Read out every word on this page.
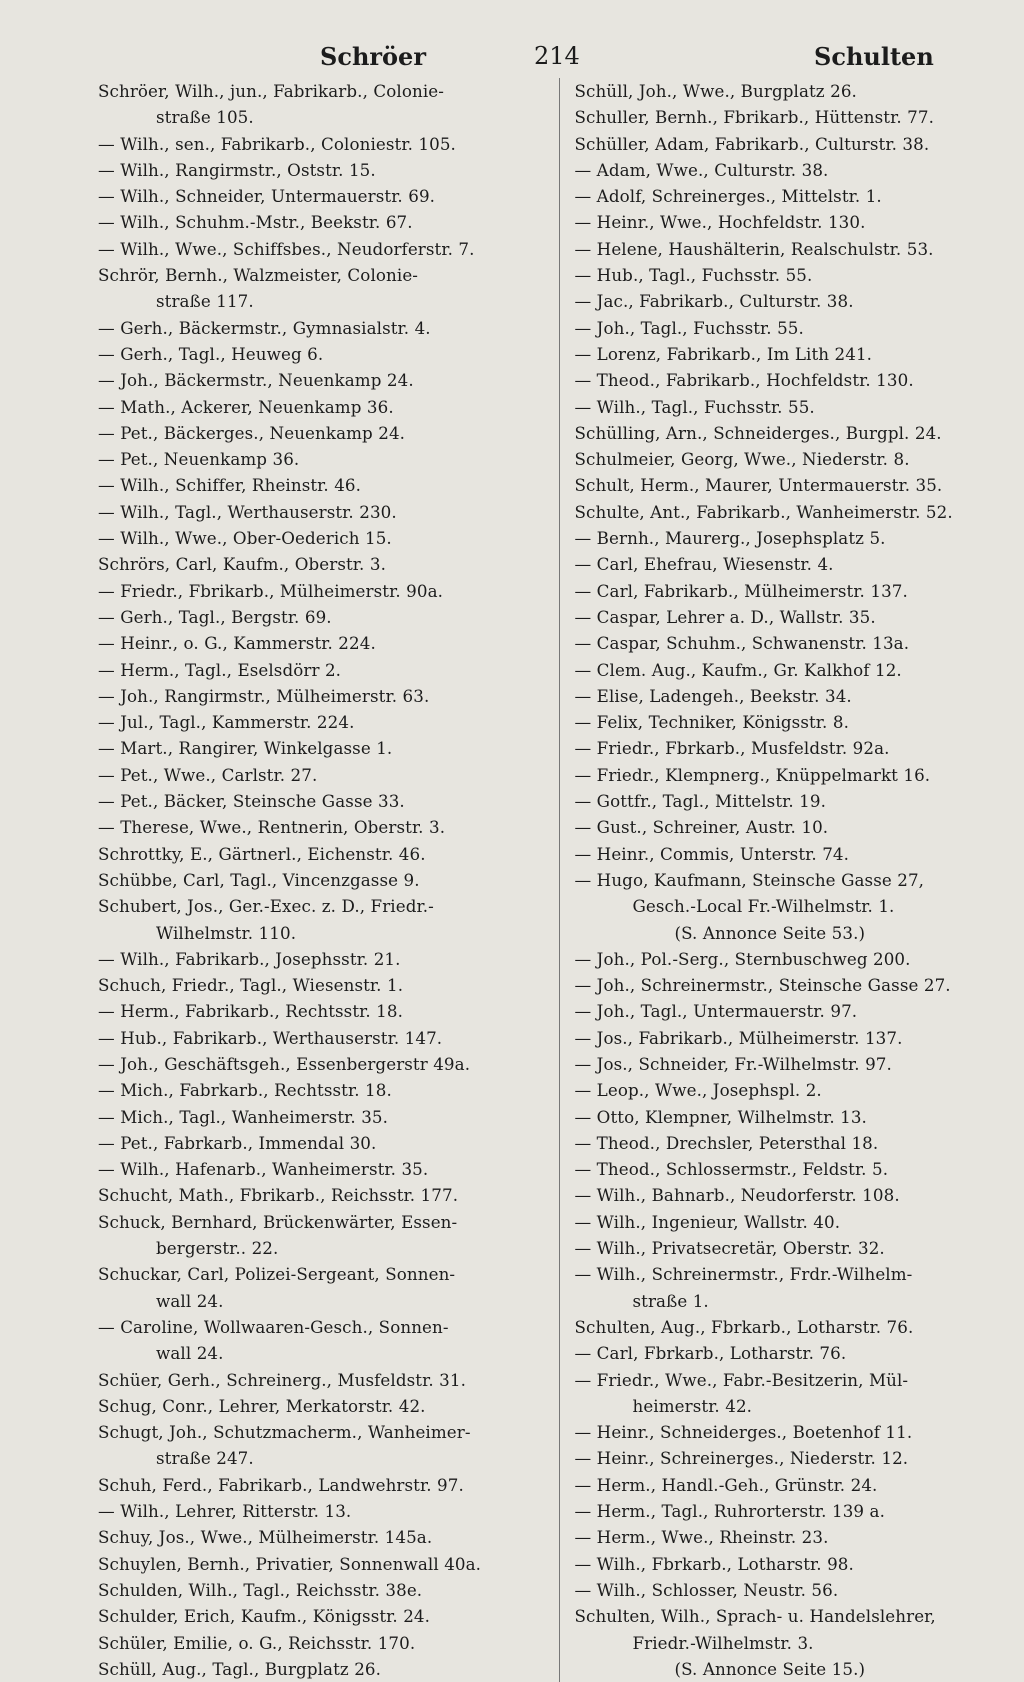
Schröer	214	Schulten
Schröer, Wilh., jun., Fabrikarb., Colonie-
straße 105.
— Wilh., sen., Fabrikarb., Coloniestr. 105.
— Wilh., Rangirmstr., Oststr. 15.
— Wilh., Schneider, Untermauerstr. 69.
— Wilh., Schuhm.-Mstr., Beekstr. 67.
— Wilh., Wwe., Schiffsbes., Neudorferstr. 7.
Schrör, Bernh., Walzmeister, Colonie-
straße 117.
— Gerh., Bäckermstr., Gymnasialstr. 4.
— Gerh., Tagl., Heuweg 6.
— Joh., Bäckermstr., Neuenkamp 24.
— Math., Ackerer, Neuenkamp 36.
— Pet., Bäckerges., Neuenkamp 24.
— Pet., Neuenkamp 36.
— Wilh., Schiffer, Rheinstr. 46.
— Wilh., Tagl., Werthauserstr. 230.
— Wilh., Wwe., Ober-Oederich 15.
Schrörs, Carl, Kaufm., Oberstr. 3.
— Friedr., Fbrikarb., Mülheimerstr. 90a.
— Gerh., Tagl., Bergstr. 69.
— Heinr., o. G., Kammerstr. 224.
— Herm., Tagl., Eselsdörr 2.
— Joh., Rangirmstr., Mülheimerstr. 63.
— Jul., Tagl., Kammerstr. 224.
— Mart., Rangirer, Winkelgasse 1.
— Pet., Wwe., Carlstr. 27.
— Pet., Bäcker, Steinsche Gasse 33.
— Therese, Wwe., Rentnerin, Oberstr. 3.
Schrottky, E., Gärtnerl., Eichenstr. 46.
Schübbe, Carl, Tagl., Vincenzgasse 9.
Schubert, Jos., Ger.-Exec. z. D., Friedr.-
Wilhelmstr. 110.
— Wilh., Fabrikarb., Josephsstr. 21.
Schuch, Friedr., Tagl., Wiesenstr. 1.
— Herm., Fabrikarb., Rechtsstr. 18.
— Hub., Fabrikarb., Werthauserstr. 147.
— Joh., Geschäftsgeh., Essenbergerstr 49a.
— Mich., Fabrkarb., Rechtsstr. 18.
— Mich., Tagl., Wanheimerstr. 35.
— Pet., Fabrkarb., Immendal 30.
— Wilh., Hafenarb., Wanheimerstr. 35.
Schucht, Math., Fbrikarb., Reichsstr. 177.
Schuck, Bernhard, Brückenwärter, Essen-
bergerstr.. 22.
Schuckar, Carl, Polizei-Sergeant, Sonnen-
wall 24.
— Caroline, Wollwaaren-Gesch., Sonnen-
wall 24.
Schüer, Gerh., Schreinerg., Musfeldstr. 31.
Schug, Conr., Lehrer, Merkatorstr. 42.
Schugt, Joh., Schutzmacherm., Wanheimer-
straße 247.
Schuh, Ferd., Fabrikarb., Landwehrstr. 97.
— Wilh., Lehrer, Ritterstr. 13.
Schuy, Jos., Wwe., Mülheimerstr. 145a.
Schuylen, Bernh., Privatier, Sonnenwall 40a.
Schulden, Wilh., Tagl., Reichsstr. 38e.
Schulder, Erich, Kaufm., Königsstr. 24.
Schüler, Emilie, o. G., Reichsstr. 170.
Schüll, Aug., Tagl., Burgplatz 26.
Schüll, Joh., Wwe., Burgplatz 26.
Schuller, Bernh., Fbrikarb., Hüttenstr. 77.
Schüller, Adam, Fabrikarb., Culturstr. 38.
— Adam, Wwe., Culturstr. 38.
— Adolf, Schreinerges., Mittelstr. 1.
— Heinr., Wwe., Hochfeldstr. 130.
— Helene, Haushälterin, Realschulstr. 53.
— Hub., Tagl., Fuchsstr. 55.
— Jac., Fabrikarb., Culturstr. 38.
— Joh., Tagl., Fuchsstr. 55.
— Lorenz, Fabrikarb., Im Lith 241.
— Theod., Fabrikarb., Hochfeldstr. 130.
— Wilh., Tagl., Fuchsstr. 55.
Schülling, Arn., Schneiderges., Burgpl. 24.
Schulmeier, Georg, Wwe., Niederstr. 8.
Schult, Herm., Maurer, Untermauerstr. 35.
Schulte, Ant., Fabrikarb., Wanheimerstr. 52.
— Bernh., Maurerg., Josephsplatz 5.
— Carl, Ehefrau, Wiesenstr. 4.
— Carl, Fabrikarb., Mülheimerstr. 137.
— Caspar, Lehrer a. D., Wallstr. 35.
— Caspar, Schuhm., Schwanenstr. 13a.
— Clem. Aug., Kaufm., Gr. Kalkhof 12.
— Elise, Ladengeh., Beekstr. 34.
— Felix, Techniker, Königsstr. 8.
— Friedr., Fbrkarb., Musfeldstr. 92a.
— Friedr., Klempnerg., Knüppelmarkt 16.
— Gottfr., Tagl., Mittelstr. 19.
— Gust., Schreiner, Austr. 10.
— Heinr., Commis, Unterstr. 74.
— Hugo, Kaufmann, Steinsche Gasse 27,
Gesch.-Local Fr.-Wilhelmstr. 1.
(S. Annonce Seite 53.)
— Joh., Pol.-Serg., Sternbuschweg 200.
— Joh., Schreinermstr., Steinsche Gasse 27.
— Joh., Tagl., Untermauerstr. 97.
— Jos., Fabrikarb., Mülheimerstr. 137.
— Jos., Schneider, Fr.-Wilhelmstr. 97.
— Leop., Wwe., Josephspl. 2.
— Otto, Klempner, Wilhelmstr. 13.
— Theod., Drechsler, Petersthal 18.
— Theod., Schlossermstr., Feldstr. 5.
— Wilh., Bahnarb., Neudorferstr. 108.
— Wilh., Ingenieur, Wallstr. 40.
— Wilh., Privatsecretär, Oberstr. 32.
— Wilh., Schreinermstr., Frdr.-Wilhelm-
straße 1.
Schulten, Aug., Fbrkarb., Lotharstr. 76.
— Carl, Fbrkarb., Lotharstr. 76.
— Friedr., Wwe., Fabr.-Besitzerin, Mül-
heimerstr. 42.
— Heinr., Schneiderges., Boetenhof 11.
— Heinr., Schreinerges., Niederstr. 12.
— Herm., Handl.-Geh., Grünstr. 24.
— Herm., Tagl., Ruhrorterstr. 139 a.
— Herm., Wwe., Rheinstr. 23.
— Wilh., Fbrkarb., Lotharstr. 98.
— Wilh., Schlosser, Neustr. 56.
Schulten, Wilh., Sprach- u. Handelslehrer,
Friedr.-Wilhelmstr. 3.
(S. Annonce Seite 15.)
